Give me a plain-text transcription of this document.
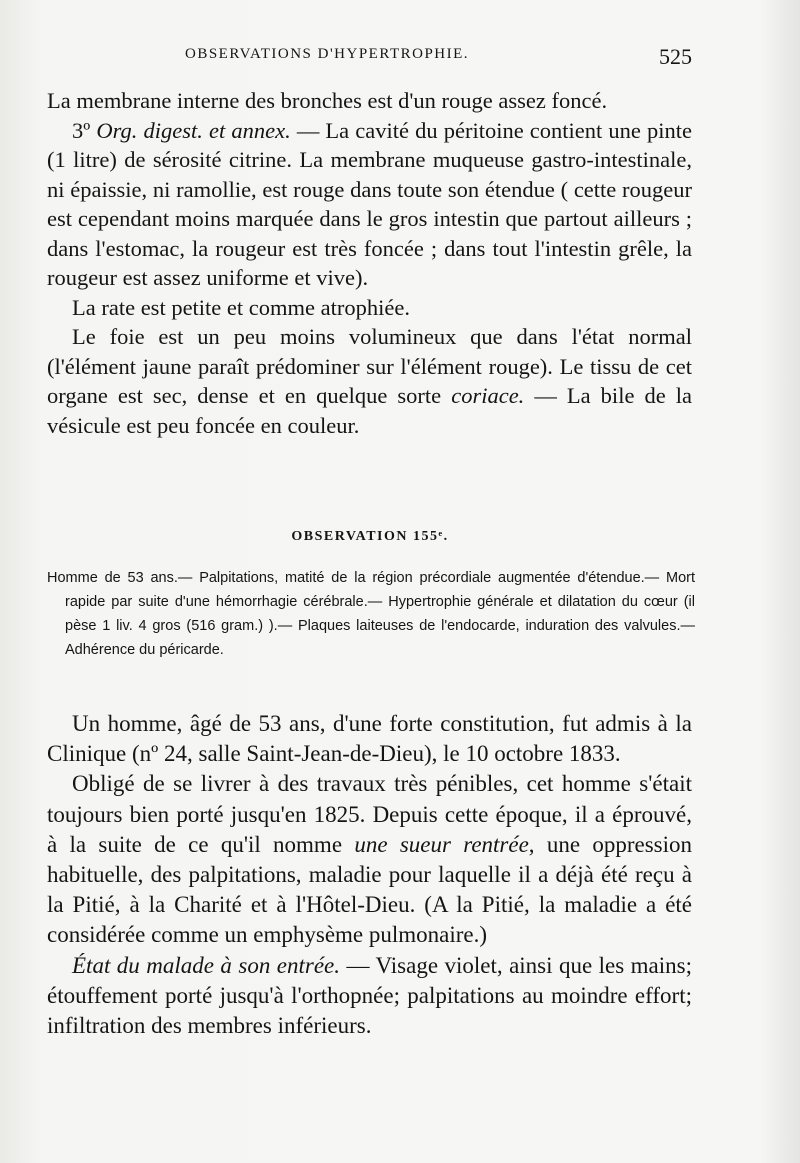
OBSERVATIONS D'HYPERTROPHIE.	525

La membrane interne des bronches est d'un rouge assez foncé.

3º Org. digest. et annex. — La cavité du péritoine contient une pinte (1 litre) de sérosité citrine. La membrane muqueuse gastro-intestinale, ni épaissie, ni ramollie, est rouge dans toute son étendue ( cette rougeur est cependant moins marquée dans le gros intestin que partout ailleurs ; dans l'estomac, la rougeur est très foncée ; dans tout l'intestin grêle, la rougeur est assez uniforme et vive).

La rate est petite et comme atrophiée.

Le foie est un peu moins volumineux que dans l'état normal (l'élément jaune paraît prédominer sur l'élément rouge). Le tissu de cet organe est sec, dense et en quelque sorte coriace. — La bile de la vésicule est peu foncée en couleur.

OBSERVATION 155ᵉ.

Homme de 53 ans.— Palpitations, matité de la région précordiale augmentée d'étendue.— Mort rapide par suite d'une hémorrhagie cérébrale.— Hypertrophie générale et dilatation du cœur (il pèse 1 liv. 4 gros (516 gram.) ).— Plaques laiteuses de l'endocarde, induration des valvules.— Adhérence du péricarde.

Un homme, âgé de 53 ans, d'une forte constitution, fut admis à la Clinique (nº 24, salle Saint-Jean-de-Dieu), le 10 octobre 1833.

Obligé de se livrer à des travaux très pénibles, cet homme s'était toujours bien porté jusqu'en 1825. Depuis cette époque, il a éprouvé, à la suite de ce qu'il nomme une sueur rentrée, une oppression habituelle, des palpitations, maladie pour laquelle il a déjà été reçu à la Pitié, à la Charité et à l'Hôtel-Dieu. (A la Pitié, la maladie a été considérée comme un emphysème pulmonaire.)

État du malade à son entrée. — Visage violet, ainsi que les mains; étouffement porté jusqu'à l'orthopnée; palpitations au moindre effort; infiltration des membres inférieurs.
